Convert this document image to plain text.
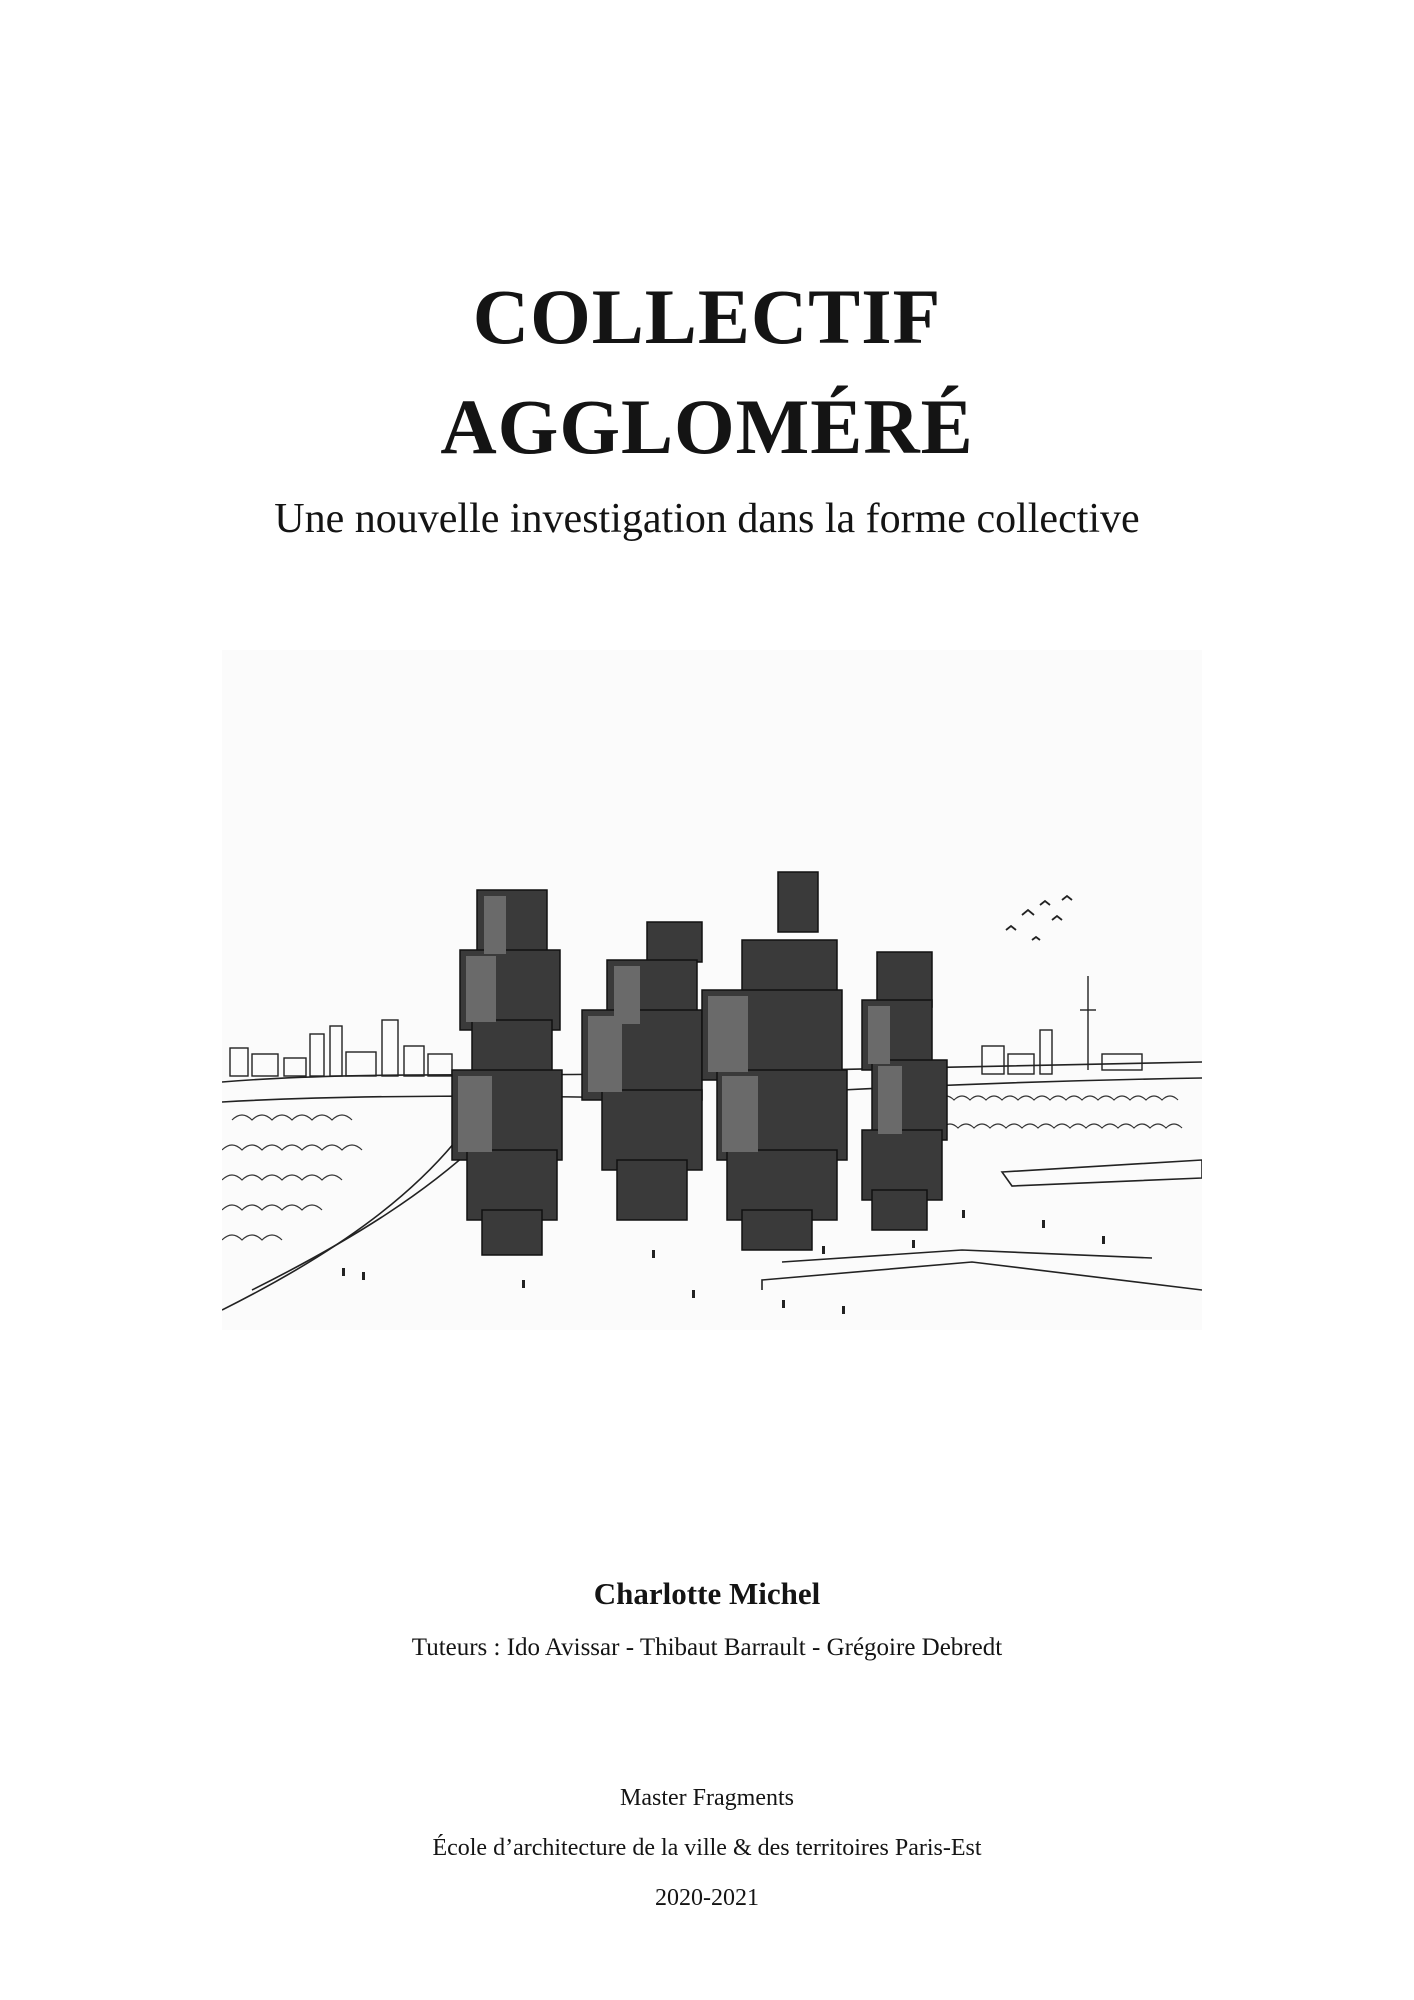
COLLECTIF
AGGLOMÉRÉ

Une nouvelle investigation dans la forme collective

Charlotte Michel

Tuteurs : Ido Avissar - Thibaut Barrault - Grégoire Debredt

Master Fragments

École d’architecture de la ville & des territoires Paris-Est

2020-2021
